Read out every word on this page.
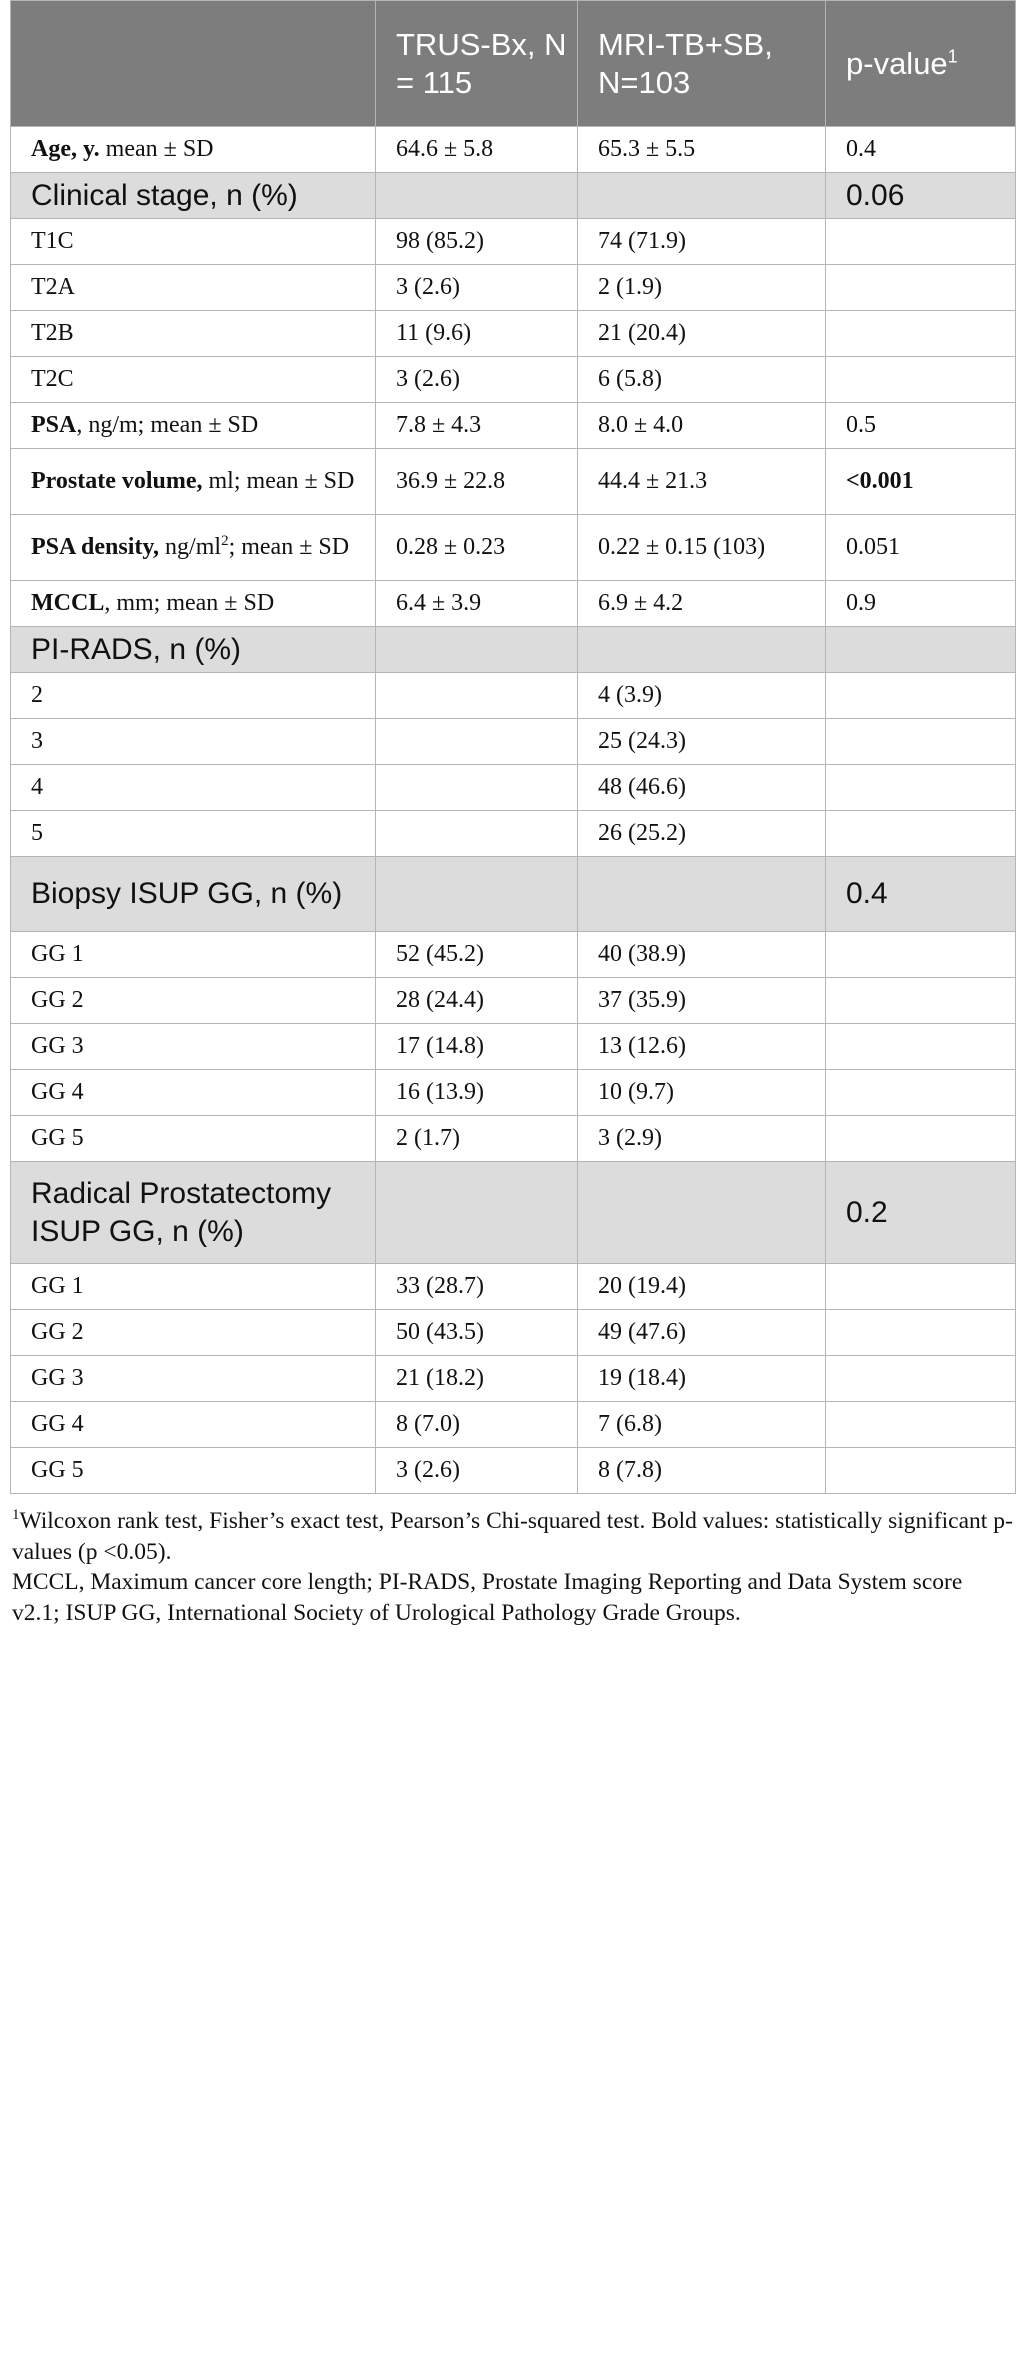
	TRUS-Bx, N = 115	MRI-TB+SB, N=103	p-value$^1$
Age, y. mean ± SD	64.6 ± 5.8	65.3 ± 5.5	0.4
Clinical stage, n (%)			0.06
T1C	98 (85.2)	74 (71.9)	
T2A	3 (2.6)	2 (1.9)	
T2B	11 (9.6)	21 (20.4)	
T2C	3 (2.6)	6 (5.8)	
PSA, ng/m; mean ± SD	7.8 ± 4.3	8.0 ± 4.0	0.5
Prostate volume, ml; mean ± SD	36.9 ± 22.8	44.4 ± 21.3	<0.001
PSA density, $ng/ml^2$; mean ± SD	0.28 ± 0.23	0.22 ± 0.15 (103)	0.051
MCCL, mm; mean ± SD	6.4 ± 3.9	6.9 ± 4.2	0.9
PI-RADS, n (%)			
2		4 (3.9)	
3		25 (24.3)	
4		48 (46.6)	
5		26 (25.2)	
Biopsy ISUP GG, n (%)			0.4
GG 1	52 (45.2)	40 (38.9)	
GG 2	28 (24.4)	37 (35.9)	
GG 3	17 (14.8)	13 (12.6)	
GG 4	16 (13.9)	10 (9.7)	
GG 5	2 (1.7)	3 (2.9)	
Radical Prostatectomy ISUP GG, n (%)			0.2
GG 1	33 (28.7)	20 (19.4)	
GG 2	50 (43.5)	49 (47.6)	
GG 3	21 (18.2)	19 (18.4)	
GG 4	8 (7.0)	7 (6.8)	
GG 5	3 (2.6)	8 (7.8)	

$^1$Wilcoxon rank test, Fisher’s exact test, Pearson’s Chi-squared test. Bold values: statistically significant p-values (p <0.05).

MCCL, Maximum cancer core length; PI-RADS, Prostate Imaging Reporting and Data System score v2.1; ISUP GG, International Society of Urological Pathology Grade Groups.
